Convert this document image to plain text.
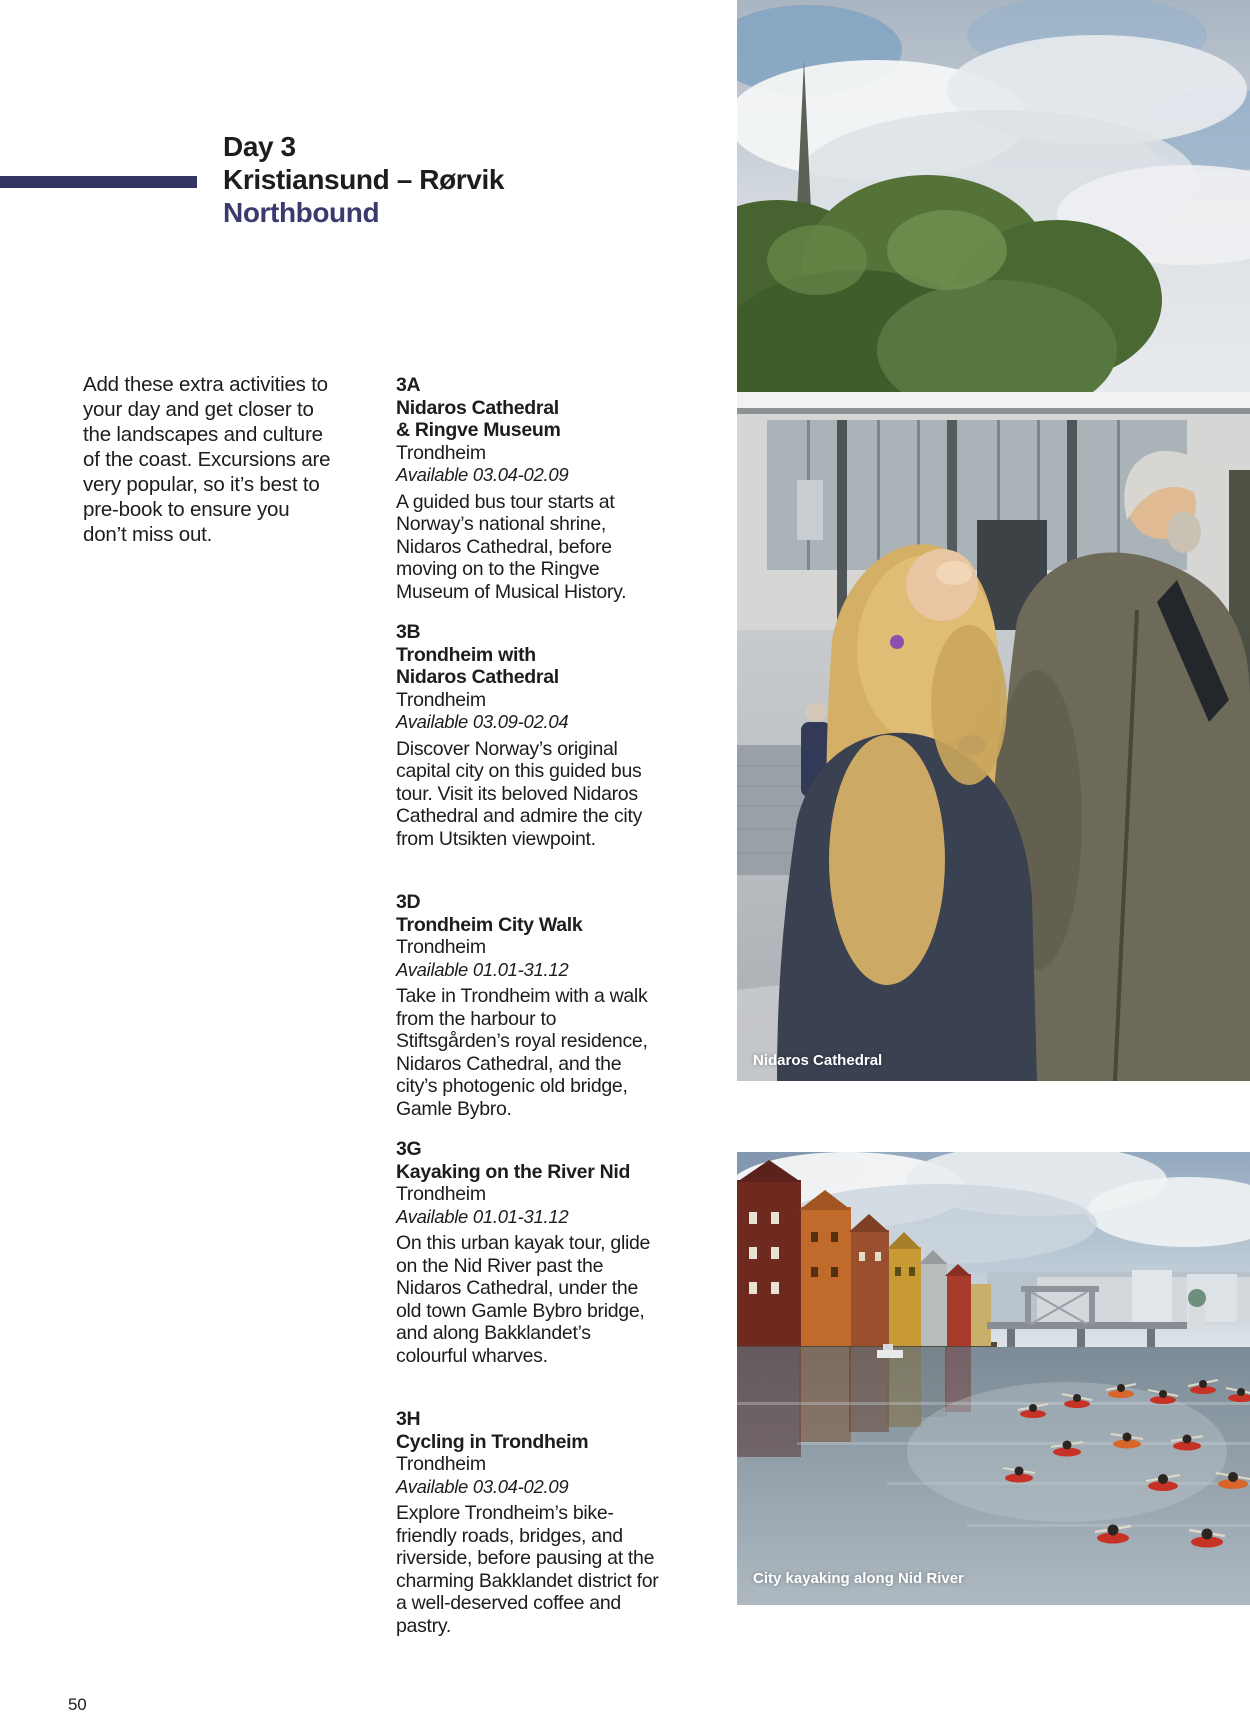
Day 3
Kristiansund – Rørvik
Northbound
Add these extra activities to your day and get closer to the landscapes and culture of the coast. Excursions are very popular, so it’s best to pre-book to ensure you don’t miss out.
3A
Nidaros Cathedral
& Ringve Museum
Trondheim
Available 03.04-02.09
A guided bus tour starts at Norway’s national shrine, Nidaros Cathedral, before moving on to the Ringve Museum of Musical History.
3B
Trondheim with
Nidaros Cathedral
Trondheim
Available 03.09-02.04
Discover Norway’s original capital city on this guided bus tour. Visit its beloved Nidaros Cathedral and admire the city from Utsikten viewpoint.
3D
Trondheim City Walk
Trondheim
Available 01.01-31.12
Take in Trondheim with a walk from the harbour to Stiftsgården’s royal residence, Nidaros Cathedral, and the city’s photogenic old bridge, Gamle Bybro.
3G
Kayaking on the River Nid
Trondheim
Available 01.01-31.12
On this urban kayak tour, glide on the Nid River past the Nidaros Cathedral, under the old town Gamle Bybro bridge, and along Bakklandet’s colourful wharves.
3H
Cycling in Trondheim
Trondheim
Available 03.04-02.09
Explore Trondheim’s bike-friendly roads, bridges, and riverside, before pausing at the charming Bakklandet district for a well-deserved coffee and pastry.
Nidaros Cathedral
City kayaking along Nid River
50
